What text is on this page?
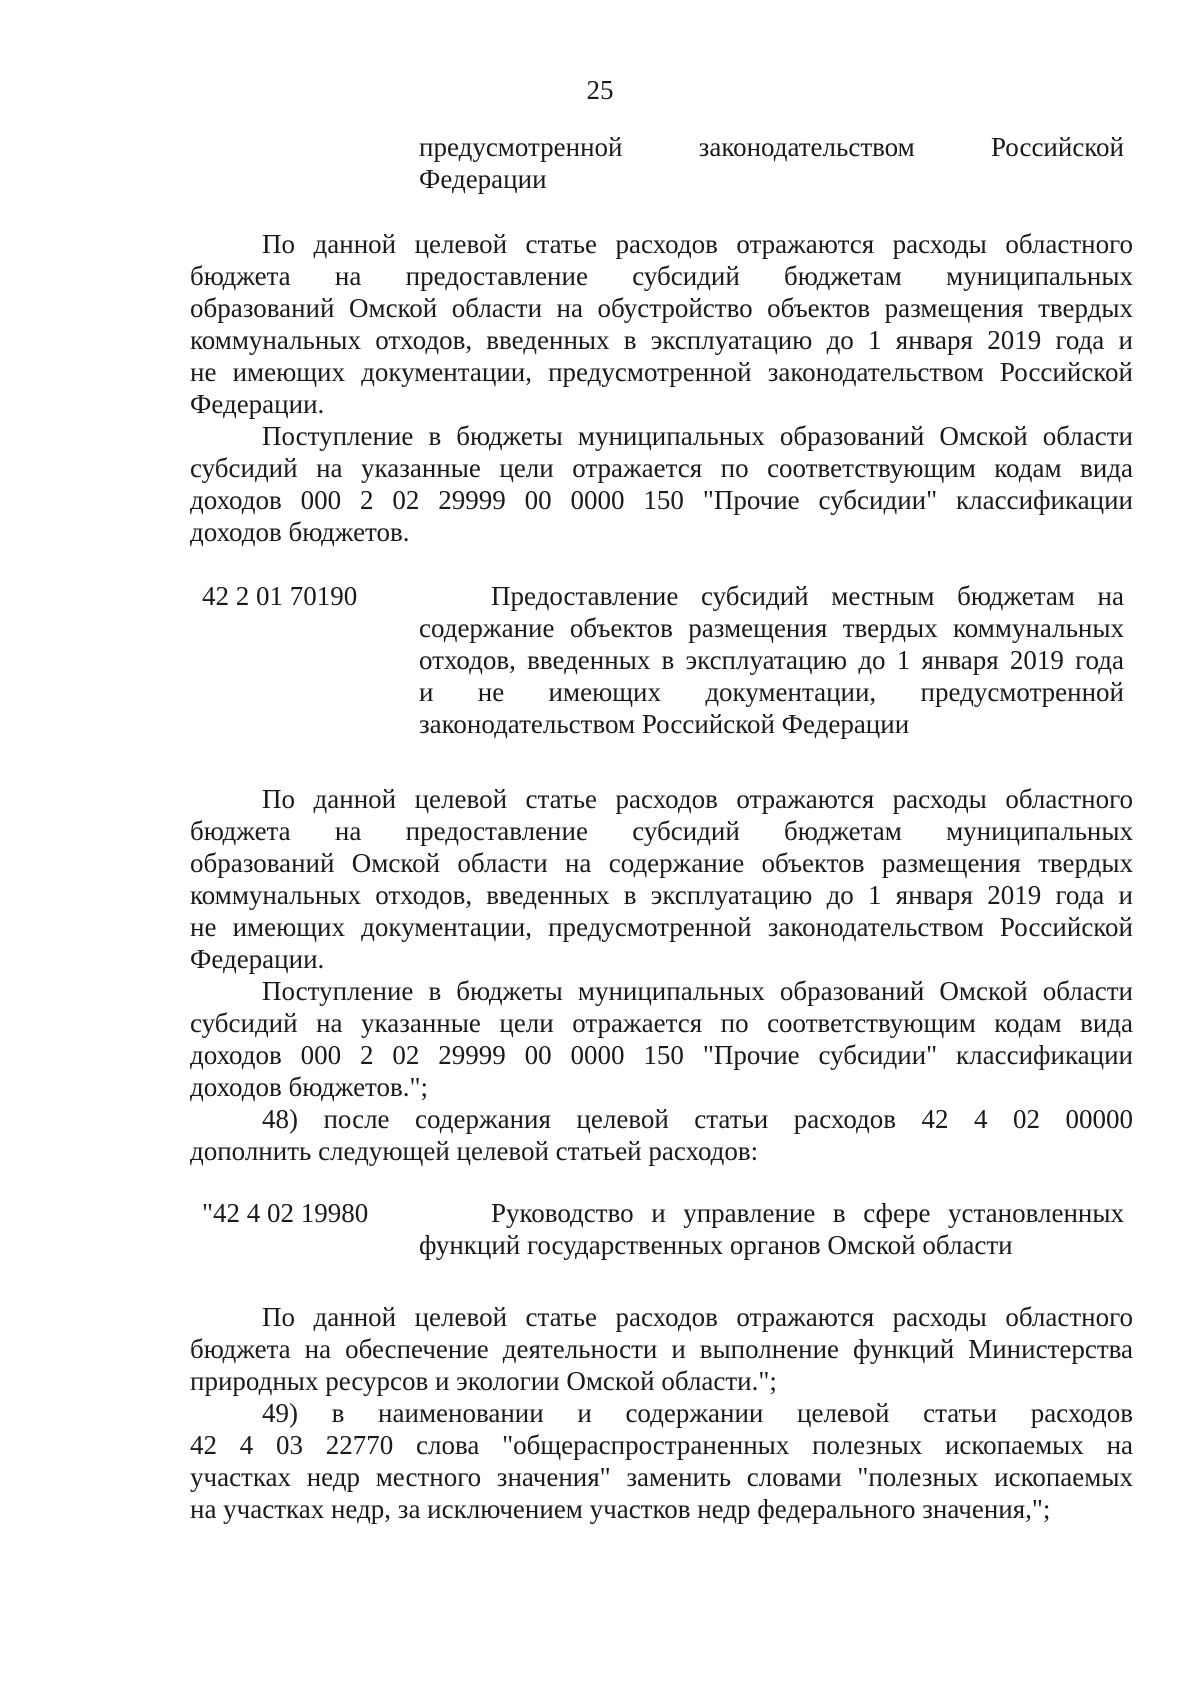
25
предусмотренной	законодательством	Российской
Федерации
По данной целевой статье расходов отражаются расходы областного
бюджета на предоставление субсидий бюджетам муниципальных
образований Омской области на обустройство объектов размещения твердых
коммунальных отходов, введенных в эксплуатацию до 1 января 2019 года и
не имеющих документации, предусмотренной законодательством Российской
Федерации.
Поступление в бюджеты муниципальных образований Омской области
субсидий на указанные цели отражается по соответствующим кодам вида
доходов 000 2 02 29999 00 0000 150 "Прочие субсидии" классификации
доходов бюджетов.
42 2 01 70190	Предоставление субсидий местным бюджетам на
содержание объектов размещения твердых коммунальных
отходов, введенных в эксплуатацию до 1 января 2019 года
и не имеющих документации, предусмотренной
законодательством Российской Федерации
По данной целевой статье расходов отражаются расходы областного
бюджета на предоставление субсидий бюджетам муниципальных
образований Омской области на содержание объектов размещения твердых
коммунальных отходов, введенных в эксплуатацию до 1 января 2019 года и
не имеющих документации, предусмотренной законодательством Российской
Федерации.
Поступление в бюджеты муниципальных образований Омской области
субсидий на указанные цели отражается по соответствующим кодам вида
доходов 000 2 02 29999 00 0000 150 "Прочие субсидии" классификации
доходов бюджетов.";
48) после содержания целевой статьи расходов 42 4 02 00000
дополнить следующей целевой статьей расходов:
"42 4 02 19980	Руководство и управление в сфере установленных
функций государственных органов Омской области
По данной целевой статье расходов отражаются расходы областного
бюджета на обеспечение деятельности и выполнение функций Министерства
природных ресурсов и экологии Омской области.";
49) в наименовании и содержании целевой статьи расходов
42 4 03 22770 слова "общераспространенных полезных ископаемых на
участках недр местного значения" заменить словами "полезных ископаемых
на участках недр, за исключением участков недр федерального значения,";
